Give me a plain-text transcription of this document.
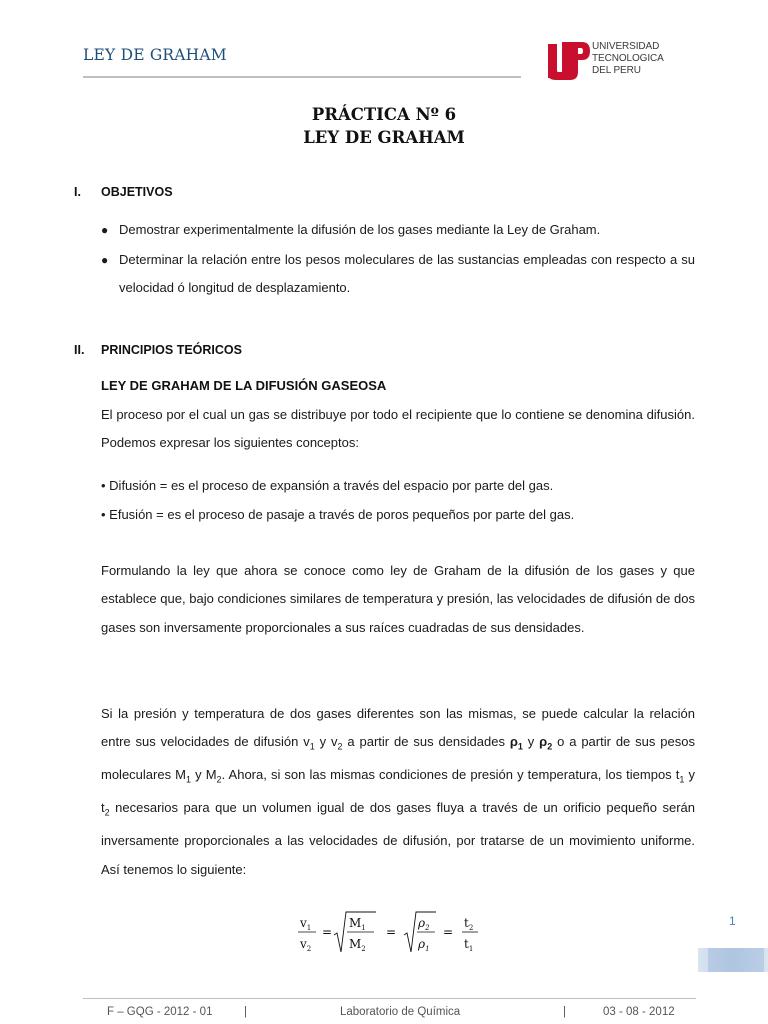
LEY DE GRAHAM	UNIVERSIDAD
TECNOLOGICA
DEL PERU
PRÁCTICA Nº 6
LEY DE GRAHAM
I. OBJETIVOS
● Demostrar experimentalmente la difusión de los gases mediante la Ley de Graham.
● Determinar la relación entre los pesos moleculares de las sustancias empleadas con respecto a su velocidad ó longitud de desplazamiento.
II. PRINCIPIOS TEÓRICOS
LEY DE GRAHAM DE LA DIFUSIÓN GASEOSA
El proceso por el cual un gas se distribuye por todo el recipiente que lo contiene se denomina difusión. Podemos expresar los siguientes conceptos:
• Difusión = es el proceso de expansión a través del espacio por parte del gas.
• Efusión = es el proceso de pasaje a través de poros pequeños por parte del gas.
Formulando la ley que ahora se conoce como ley de Graham de la difusión de los gases y que establece que, bajo condiciones similares de temperatura y presión, las velocidades de difusión de dos gases son inversamente proporcionales a sus raíces cuadradas de sus densidades.
Si la presión y temperatura de dos gases diferentes son las mismas, se puede calcular la relación entre sus velocidades de difusión $v_1$ y $v_2$ a partir de sus densidades $\rho_1$ y $\rho_2$ o a partir de sus pesos moleculares $M_1$ y $M_2$. Ahora, si son las mismas condiciones de presión y temperatura, los tiempos $t_1$ y $t_2$ necesarios para que un volumen igual de dos gases fluya a través de un orificio pequeño serán inversamente proporcionales a las velocidades de difusión, por tratarse de un movimiento uniforme. Así tenemos lo siguiente:
$v_1$
$v_2$
=
$M_1$
$M_2$
=
$\rho_2$
$\rho_1$
=
$t_2$
$t_1$
1
F – GQG - 2012 - 01	|	Laboratorio de Química	|	03 - 08 - 2012
